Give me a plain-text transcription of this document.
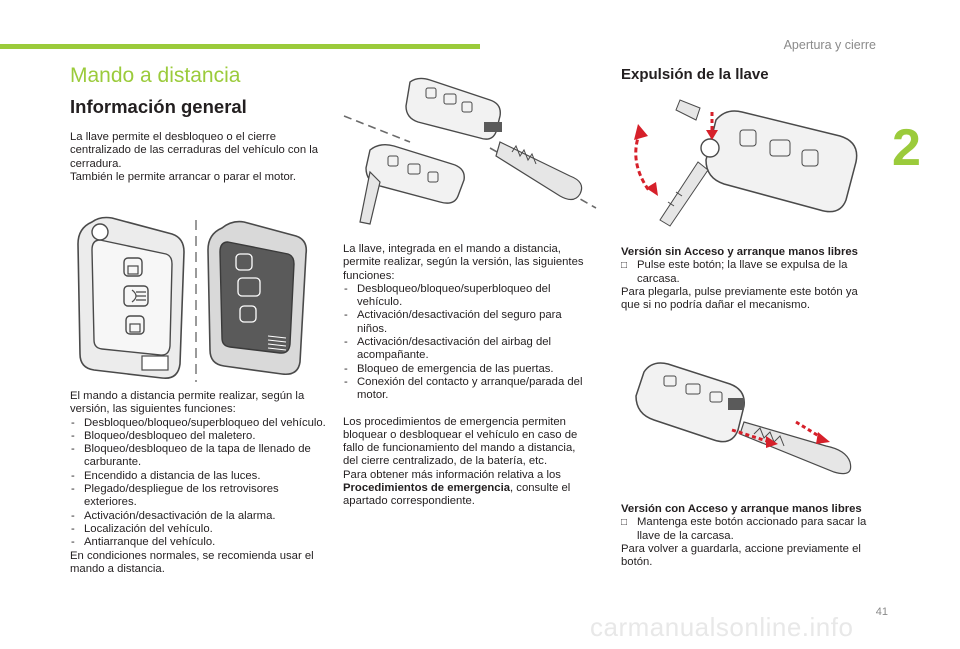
Apertura y cierre
2
Mando a distancia
Información general

La llave permite el desbloqueo o el cierre centralizado de las cerraduras del vehículo con la cerradura.

También le permite arrancar o parar el motor.

El mando a distancia permite realizar, según la versión, las siguientes funciones:

- Desbloqueo/bloqueo/superbloqueo del vehículo.
- Bloqueo/desbloqueo del maletero.
- Bloqueo/desbloqueo de la tapa de llenado de carburante.
- Encendido a distancia de las luces.
- Plegado/despliegue de los retrovisores exteriores.
- Activación/desactivación de la alarma.
- Localización del vehículo.
- Antiarranque del vehículo.

En condiciones normales, se recomienda usar el mando a distancia.

La llave, integrada en el mando a distancia, permite realizar, según la versión, las siguientes funciones:

- Desbloqueo/bloqueo/superbloqueo del vehículo.
- Activación/desactivación del seguro para niños.
- Activación/desactivación del airbag del acompañante.
- Bloqueo de emergencia de las puertas.
- Conexión del contacto y arranque/parada del motor.

Los procedimientos de emergencia permiten bloquear o desbloquear el vehículo en caso de fallo de funcionamiento del mando a distancia, del cierre centralizado, de la batería, etc.

Para obtener más información relativa a los Procedimientos de emergencia, consulte el apartado correspondiente.

Expulsión de la llave

Versión sin Acceso y arranque manos libres

□ Pulse este botón; la llave se expulsa de la carcasa.

Para plegarla, pulse previamente este botón ya que si no podría dañar el mecanismo.

Versión con Acceso y arranque manos libres

□ Mantenga este botón accionado para sacar la llave de la carcasa.

Para volver a guardarla, accione previamente el botón.

41
carmanualsonline.info
